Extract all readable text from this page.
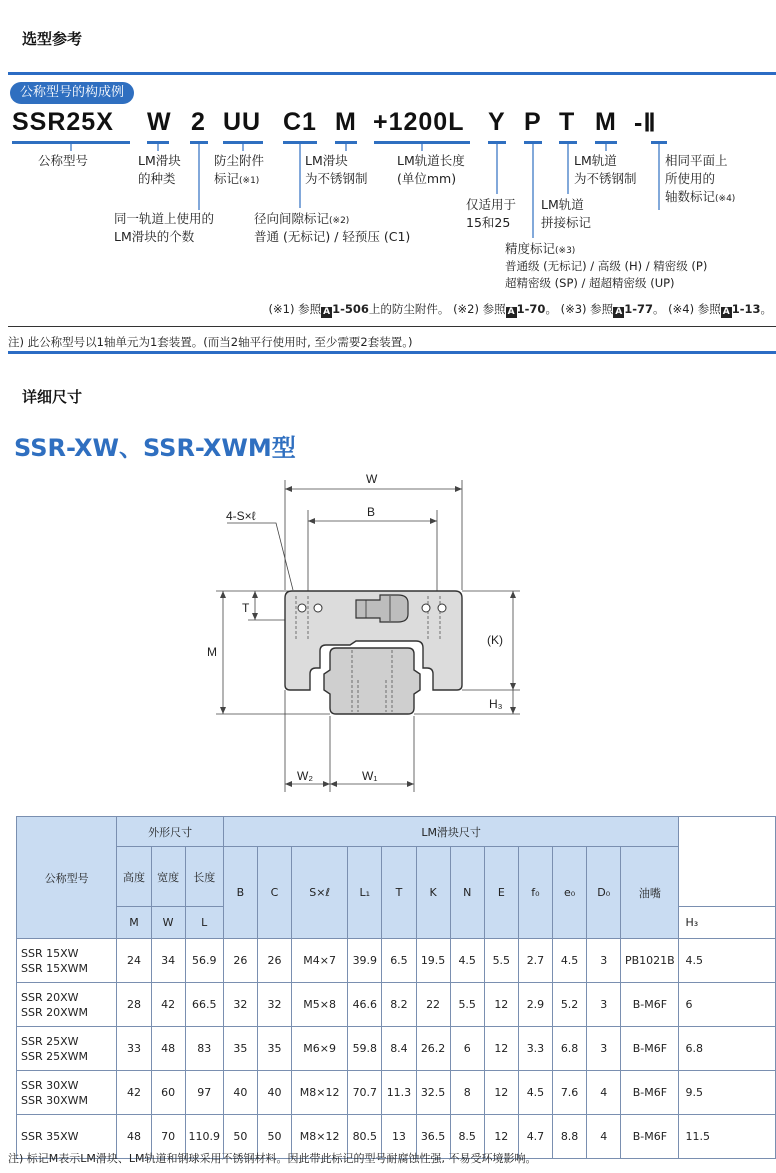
选型参考
公称型号的构成例
SSR25X W 2 UU C1 M +1200L Y P T M -Ⅱ
公称型号	LM滑块
的种类
防尘附件
标记(※1)
LM滑块
为不锈钢制
LM轨道长度
(单位mm)
LM轨道
为不锈钢制
相同平面上
所使用的
轴数标记(※4)
仅适用于
15和25
LM轨道
拼接标记
同一轨道上使用的
LM滑块的个数
径向间隙标记(※2)
普通 (无标记) / 轻预压 (C1)
精度标记(※3)
普通级 (无标记) / 高级 (H) / 精密级 (P)
超精密级 (SP) / 超超精密级 (UP)
(※1) 参照 A 1-506上的防尘附件。 (※2) 参照 A 1-70。 (※3) 参照 A 1-77。 (※4) 参照 A 1-13。
注) 此公称型号以1轴单元为1套装置。(而当2轴平行使用时, 至少需要2套装置。)
详细尺寸
SSR-XW、SSR-XWM型
W
B
4-S×ℓ
T
M
(K)
H₃
W₂	W₁
公称型号	外形尺寸			LM滑块尺寸												
	高度	宽度	长度	B	C	S×ℓ	L₁	T	K	N	E	f₀	e₀	D₀	油嘴	
	M	W	L													H₃

SSR 15XW
SSR 15XWM	24	34	56.9	26	26	M4×7	39.9	6.5	19.5	4.5	5.5	2.7	4.5	3	PB1021B	4.5

SSR 20XW
SSR 20XWM	28	42	66.5	32	32	M5×8	46.6	8.2	22	5.5	12	2.9	5.2	3	B-M6F	6

SSR 25XW
SSR 25XWM	33	48	83	35	35	M6×9	59.8	8.4	26.2	6	12	3.3	6.8	3	B-M6F	6.8

SSR 30XW
SSR 30XWM	42	60	97	40	40	M8×12	70.7	11.3	32.5	8	12	4.5	7.6	4	B-M6F	9.5

SSR 35XW	48	70	110.9	50	50	M8×12	80.5	13	36.5	8.5	12	4.7	8.8	4	B-M6F	11.5
注) 标记M表示LM滑块、LM轨道和钢球采用不锈钢材料。因此带此标记的型号耐腐蚀性强, 不易受环境影响。
